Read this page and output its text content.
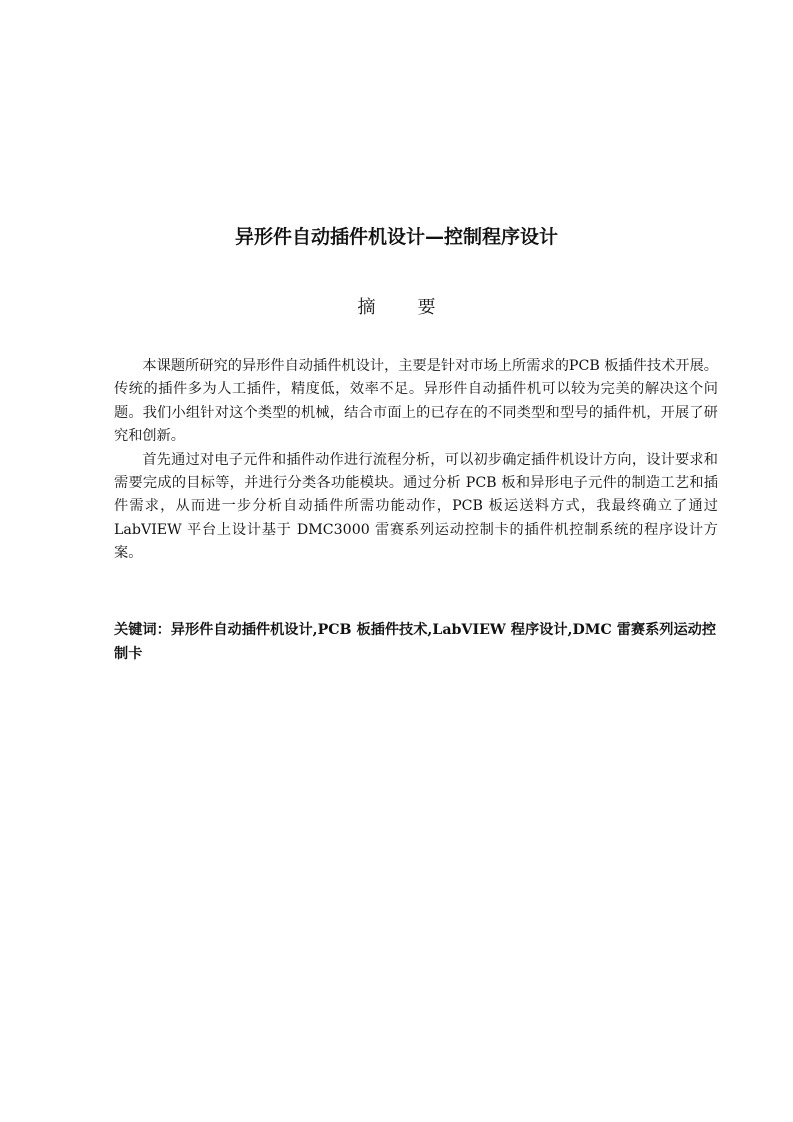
异形件自动插件机设计—控制程序设计
摘要

本课题所研究的异形件自动插件机设计，主要是针对市场上所需求的PCB 板插件技术开展。传统的插件多为人工插件，精度低，效率不足。异形件自动插件机可以较为完美的解决这个问题。我们小组针对这个类型的机械，结合市面上的已存在的不同类型和型号的插件机，开展了研究和创新。

首先通过对电子元件和插件动作进行流程分析，可以初步确定插件机设计方向，设计要求和需要完成的目标等，并进行分类各功能模块。通过分析 PCB 板和异形电子元件的制造工艺和插件需求，从而进一步分析自动插件所需功能动作，PCB 板运送料方式，我最终确立了通过 LabVIEW 平台上设计基于 DMC3000 雷赛系列运动控制卡的插件机控制系统的程序设计方案。

关键词：异形件自动插件机设计,PCB 板插件技术,LabVIEW 程序设计,DMC 雷赛系列运动控制卡
